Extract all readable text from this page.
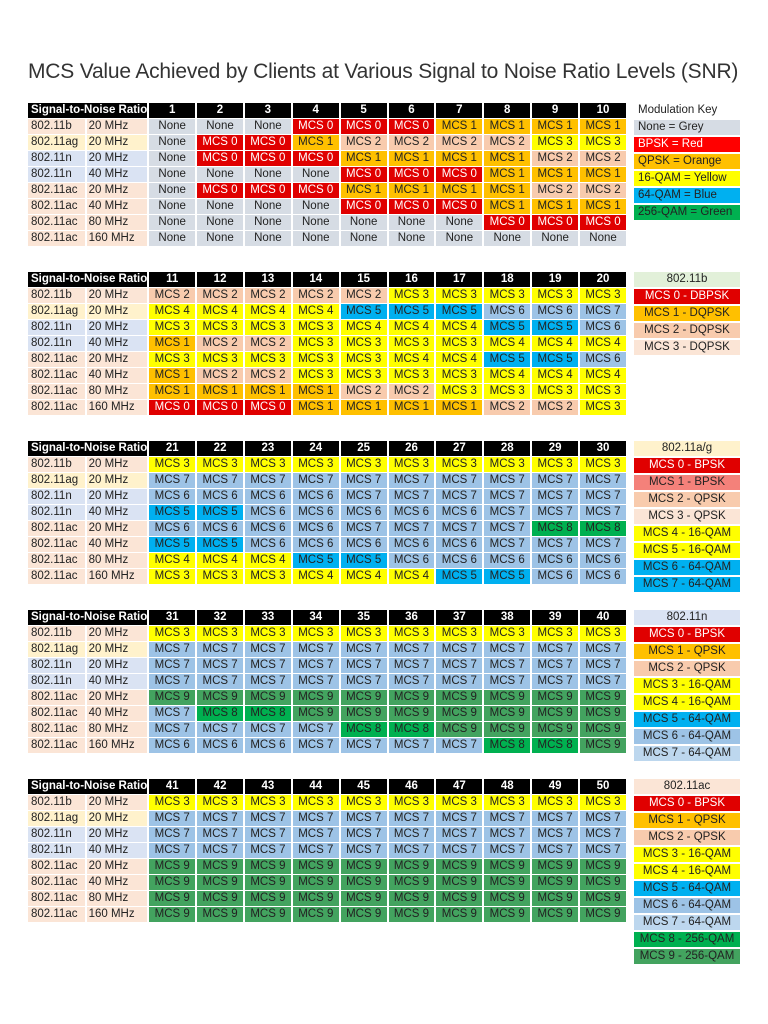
MCS Value Achieved by Clients at Various Signal to Noise Ratio Levels (SNR)
Signal-to-Noise Ratio		1	2	3	4	5	6	7	8	9	10
802.11b	20 MHz	None	None	None	MCS 0	MCS 0	MCS 0	MCS 1	MCS 1	MCS 1	MCS 1
802.11ag	20 MHz	None	MCS 0	MCS 0	MCS 1	MCS 2	MCS 2	MCS 2	MCS 2	MCS 3	MCS 3
802.11n	20 MHz	None	MCS 0	MCS 0	MCS 0	MCS 1	MCS 1	MCS 1	MCS 1	MCS 2	MCS 2
802.11n	40 MHz	None	None	None	None	MCS 0	MCS 0	MCS 0	MCS 1	MCS 1	MCS 1
802.11ac	20 MHz	None	MCS 0	MCS 0	MCS 0	MCS 1	MCS 1	MCS 1	MCS 1	MCS 2	MCS 2
802.11ac	40 MHz	None	None	None	None	MCS 0	MCS 0	MCS 0	MCS 1	MCS 1	MCS 1
802.11ac	80 MHz	None	None	None	None	None	None	None	MCS 0	MCS 0	MCS 0
802.11ac	160 MHz	None	None	None	None	None	None	None	None	None	None
Modulation Key
None = Grey
BPSK = Red
QPSK = Orange
16-QAM = Yellow
64-QAM = Blue
256-QAM = Green
Signal-to-Noise Ratio		11	12	13	14	15	16	17	18	19	20
802.11b	20 MHz	MCS 2	MCS 2	MCS 2	MCS 2	MCS 2	MCS 3	MCS 3	MCS 3	MCS 3	MCS 3
802.11ag	20 MHz	MCS 4	MCS 4	MCS 4	MCS 4	MCS 5	MCS 5	MCS 5	MCS 6	MCS 6	MCS 7
802.11n	20 MHz	MCS 3	MCS 3	MCS 3	MCS 3	MCS 4	MCS 4	MCS 4	MCS 5	MCS 5	MCS 6
802.11n	40 MHz	MCS 1	MCS 2	MCS 2	MCS 3	MCS 3	MCS 3	MCS 3	MCS 4	MCS 4	MCS 4
802.11ac	20 MHz	MCS 3	MCS 3	MCS 3	MCS 3	MCS 3	MCS 4	MCS 4	MCS 5	MCS 5	MCS 6
802.11ac	40 MHz	MCS 1	MCS 2	MCS 2	MCS 3	MCS 3	MCS 3	MCS 3	MCS 4	MCS 4	MCS 4
802.11ac	80 MHz	MCS 1	MCS 1	MCS 1	MCS 1	MCS 2	MCS 2	MCS 3	MCS 3	MCS 3	MCS 3
802.11ac	160 MHz	MCS 0	MCS 0	MCS 0	MCS 1	MCS 1	MCS 1	MCS 1	MCS 2	MCS 2	MCS 3
802.11b
MCS 0 - DBPSK
MCS 1 - DQPSK
MCS 2 - DQPSK
MCS 3 - DQPSK
Signal-to-Noise Ratio		21	22	23	24	25	26	27	28	29	30
802.11b	20 MHz	MCS 3	MCS 3	MCS 3	MCS 3	MCS 3	MCS 3	MCS 3	MCS 3	MCS 3	MCS 3
802.11ag	20 MHz	MCS 7	MCS 7	MCS 7	MCS 7	MCS 7	MCS 7	MCS 7	MCS 7	MCS 7	MCS 7
802.11n	20 MHz	MCS 6	MCS 6	MCS 6	MCS 6	MCS 7	MCS 7	MCS 7	MCS 7	MCS 7	MCS 7
802.11n	40 MHz	MCS 5	MCS 5	MCS 6	MCS 6	MCS 6	MCS 6	MCS 6	MCS 7	MCS 7	MCS 7
802.11ac	20 MHz	MCS 6	MCS 6	MCS 6	MCS 6	MCS 7	MCS 7	MCS 7	MCS 7	MCS 8	MCS 8
802.11ac	40 MHz	MCS 5	MCS 5	MCS 6	MCS 6	MCS 6	MCS 6	MCS 6	MCS 7	MCS 7	MCS 7
802.11ac	80 MHz	MCS 4	MCS 4	MCS 4	MCS 5	MCS 5	MCS 6	MCS 6	MCS 6	MCS 6	MCS 6
802.11ac	160 MHz	MCS 3	MCS 3	MCS 3	MCS 4	MCS 4	MCS 4	MCS 5	MCS 5	MCS 6	MCS 6
802.11a/g
MCS 0 - BPSK
MCS 1 - BPSK
MCS 2 - QPSK
MCS 3 - QPSK
MCS 4 - 16-QAM
MCS 5 - 16-QAM
MCS 6 - 64-QAM
MCS 7 - 64-QAM
Signal-to-Noise Ratio		31	32	33	34	35	36	37	38	39	40
802.11b	20 MHz	MCS 3	MCS 3	MCS 3	MCS 3	MCS 3	MCS 3	MCS 3	MCS 3	MCS 3	MCS 3
802.11ag	20 MHz	MCS 7	MCS 7	MCS 7	MCS 7	MCS 7	MCS 7	MCS 7	MCS 7	MCS 7	MCS 7
802.11n	20 MHz	MCS 7	MCS 7	MCS 7	MCS 7	MCS 7	MCS 7	MCS 7	MCS 7	MCS 7	MCS 7
802.11n	40 MHz	MCS 7	MCS 7	MCS 7	MCS 7	MCS 7	MCS 7	MCS 7	MCS 7	MCS 7	MCS 7
802.11ac	20 MHz	MCS 9	MCS 9	MCS 9	MCS 9	MCS 9	MCS 9	MCS 9	MCS 9	MCS 9	MCS 9
802.11ac	40 MHz	MCS 7	MCS 8	MCS 8	MCS 9	MCS 9	MCS 9	MCS 9	MCS 9	MCS 9	MCS 9
802.11ac	80 MHz	MCS 7	MCS 7	MCS 7	MCS 7	MCS 8	MCS 8	MCS 9	MCS 9	MCS 9	MCS 9
802.11ac	160 MHz	MCS 6	MCS 6	MCS 6	MCS 7	MCS 7	MCS 7	MCS 7	MCS 8	MCS 8	MCS 9
802.11n
MCS 0 - BPSK
MCS 1 - QPSK
MCS 2 - QPSK
MCS 3 - 16-QAM
MCS 4 - 16-QAM
MCS 5 - 64-QAM
MCS 6 - 64-QAM
MCS 7 - 64-QAM
Signal-to-Noise Ratio		41	42	43	44	45	46	47	48	49	50
802.11b	20 MHz	MCS 3	MCS 3	MCS 3	MCS 3	MCS 3	MCS 3	MCS 3	MCS 3	MCS 3	MCS 3
802.11ag	20 MHz	MCS 7	MCS 7	MCS 7	MCS 7	MCS 7	MCS 7	MCS 7	MCS 7	MCS 7	MCS 7
802.11n	20 MHz	MCS 7	MCS 7	MCS 7	MCS 7	MCS 7	MCS 7	MCS 7	MCS 7	MCS 7	MCS 7
802.11n	40 MHz	MCS 7	MCS 7	MCS 7	MCS 7	MCS 7	MCS 7	MCS 7	MCS 7	MCS 7	MCS 7
802.11ac	20 MHz	MCS 9	MCS 9	MCS 9	MCS 9	MCS 9	MCS 9	MCS 9	MCS 9	MCS 9	MCS 9
802.11ac	40 MHz	MCS 9	MCS 9	MCS 9	MCS 9	MCS 9	MCS 9	MCS 9	MCS 9	MCS 9	MCS 9
802.11ac	80 MHz	MCS 9	MCS 9	MCS 9	MCS 9	MCS 9	MCS 9	MCS 9	MCS 9	MCS 9	MCS 9
802.11ac	160 MHz	MCS 9	MCS 9	MCS 9	MCS 9	MCS 9	MCS 9	MCS 9	MCS 9	MCS 9	MCS 9
802.11ac
MCS 0 - BPSK
MCS 1 - QPSK
MCS 2 - QPSK
MCS 3 - 16-QAM
MCS 4 - 16-QAM
MCS 5 - 64-QAM
MCS 6 - 64-QAM
MCS 7 - 64-QAM
MCS 8 - 256-QAM
MCS 9 - 256-QAM
